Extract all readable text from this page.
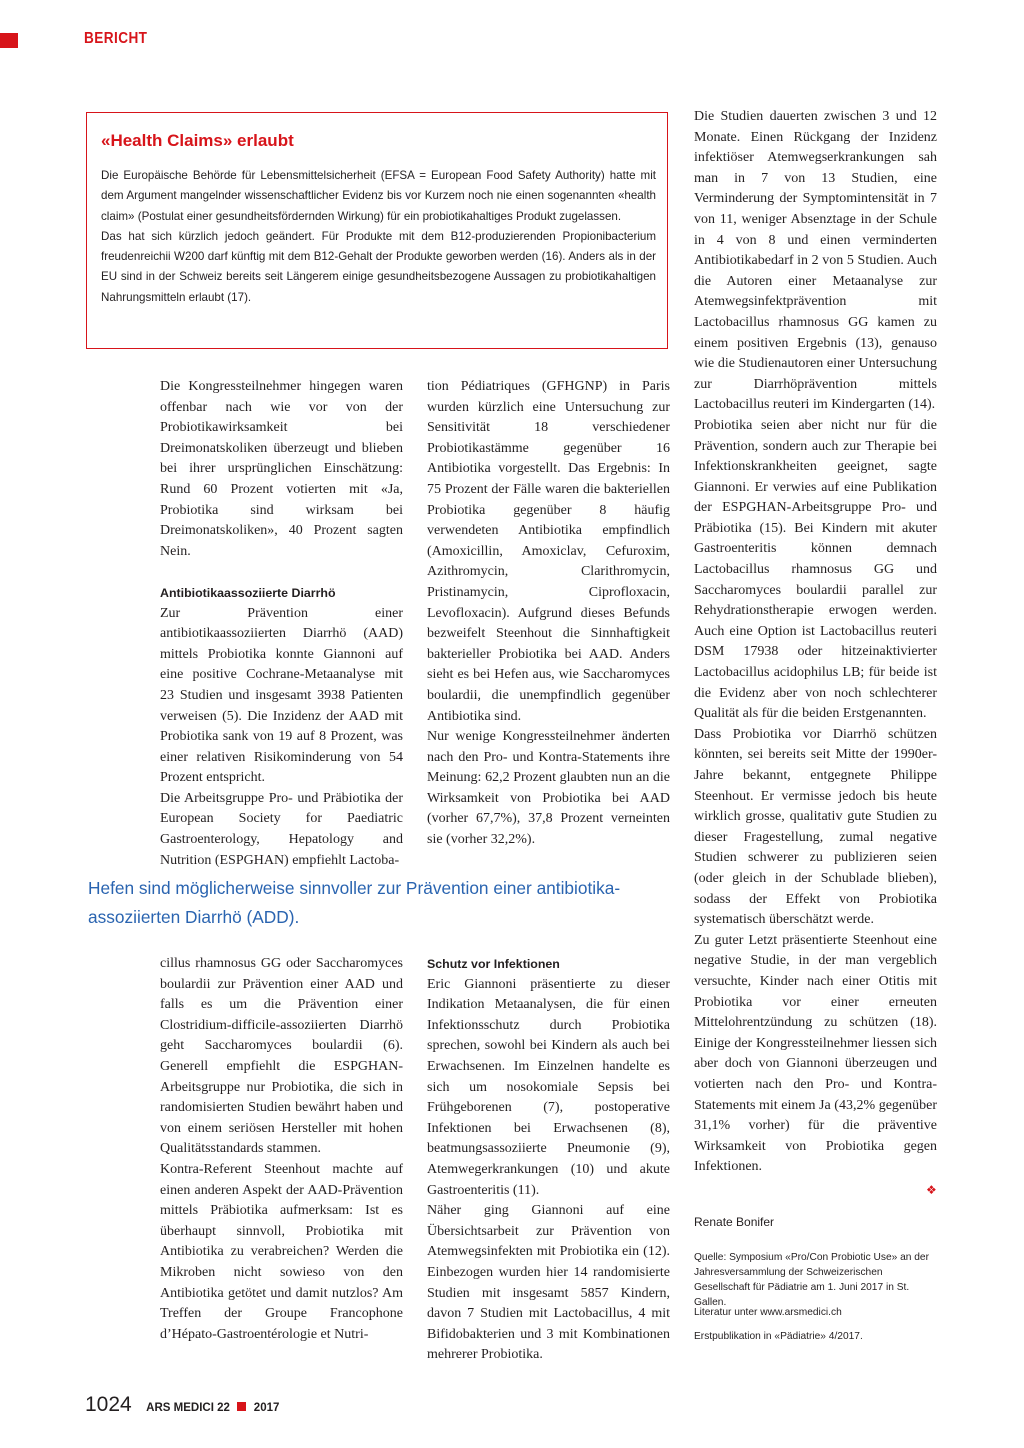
BERICHT
«Health Claims» erlaubt

Die Europäische Behörde für Lebensmittelsicherheit (EFSA = European Food Safety Authority) hatte mit dem Argument mangelnder wissenschaftlicher Evidenz bis vor Kurzem noch nie einen sogenannten «health claim» (Postulat einer gesundheitsfördernden Wirkung) für ein probiotikahaltiges Produkt zugelassen.

Das hat sich kürzlich jedoch geändert. Für Produkte mit dem B12-produzierenden Propionibacterium freudenreichii W200 darf künftig mit dem B12-Gehalt der Produkte geworben werden (16). Anders als in der EU sind in der Schweiz bereits seit Längerem einige gesundheitsbezogene Aussagen zu probiotikahaltigen Nahrungsmitteln erlaubt (17).

Die Kongressteilnehmer hingegen waren offenbar nach wie vor von der Probiotikawirksamkeit bei Dreimonatskoliken überzeugt und blieben bei ihrer ursprünglichen Einschätzung: Rund 60 Prozent votierten mit «Ja, Probiotika sind wirksam bei Dreimonatskoliken», 40 Prozent sagten Nein.

Antibiotikaassoziierte Diarrhö

Zur Prävention einer antibiotikaassoziierten Diarrhö (AAD) mittels Probiotika konnte Giannoni auf eine positive Cochrane-Metaanalyse mit 23 Studien und insgesamt 3938 Patienten verweisen (5). Die Inzidenz der AAD mit Probiotika sank von 19 auf 8 Prozent, was einer relativen Risikominderung von 54 Prozent entspricht.

Die Arbeitsgruppe Pro- und Präbiotika der European Society for Paediatric Gastroenterology, Hepatology and Nutrition (ESPGHAN) empfiehlt Lactoba-

tion Pédiatriques (GFHGNP) in Paris wurden kürzlich eine Untersuchung zur Sensitivität 18 verschiedener Probiotikastämme gegenüber 16 Antibiotika vorgestellt. Das Ergebnis: In 75 Prozent der Fälle waren die bakteriellen Probiotika gegenüber 8 häufig verwendeten Antibiotika empfindlich (Amoxicillin, Amoxiclav, Cefuroxim, Azithromycin, Clarithromycin, Pristinamycin, Ciprofloxacin, Levofloxacin). Aufgrund dieses Befunds bezweifelt Steenhout die Sinnhaftigkeit bakterieller Probiotika bei AAD. Anders sieht es bei Hefen aus, wie Saccharomyces boulardii, die unempfindlich gegenüber Antibiotika sind.

Nur wenige Kongressteilnehmer änderten nach den Pro- und Kontra-Statements ihre Meinung: 62,2 Prozent glaubten nun an die Wirksamkeit von Probiotika bei AAD (vorher 67,7%), 37,8 Prozent verneinten sie (vorher 32,2%).

Hefen sind möglicherweise sinnvoller zur Prävention einer antibiotika-assoziierten Diarrhö (ADD).

cillus rhamnosus GG oder Saccharomyces boulardii zur Prävention einer AAD und falls es um die Prävention einer Clostridium-difficile-assoziierten Diarrhö geht Saccharomyces boulardii (6). Generell empfiehlt die ESPGHAN-Arbeitsgruppe nur Probiotika, die sich in randomisierten Studien bewährt haben und von einem seriösen Hersteller mit hohen Qualitätsstandards stammen.

Kontra-Referent Steenhout machte auf einen anderen Aspekt der AAD-Prävention mittels Präbiotika aufmerksam: Ist es überhaupt sinnvoll, Probiotika mit Antibiotika zu verabreichen? Werden die Mikroben nicht sowieso von den Antibiotika getötet und damit nutzlos? Am Treffen der Groupe Francophone d’Hépato-Gastroentérologie et Nutri-

Schutz vor Infektionen

Eric Giannoni präsentierte zu dieser Indikation Metaanalysen, die für einen Infektionsschutz durch Probiotika sprechen, sowohl bei Kindern als auch bei Erwachsenen. Im Einzelnen handelte es sich um nosokomiale Sepsis bei Frühgeborenen (7), postoperative Infektionen bei Erwachsenen (8), beatmungsassoziierte Pneumonie (9), Atemwegerkrankungen (10) und akute Gastroenteritis (11).

Näher ging Giannoni auf eine Übersichtsarbeit zur Prävention von Atemwegsinfekten mit Probiotika ein (12). Einbezogen wurden hier 14 randomisierte Studien mit insgesamt 5857 Kindern, davon 7 Studien mit Lactobacillus, 4 mit Bifidobakterien und 3 mit Kombinationen mehrerer Probiotika.

Die Studien dauerten zwischen 3 und 12 Monate. Einen Rückgang der Inzidenz infektiöser Atemwegserkrankungen sah man in 7 von 13 Studien, eine Verminderung der Symptomintensität in 7 von 11, weniger Absenztage in der Schule in 4 von 8 und einen verminderten Antibiotikabedarf in 2 von 5 Studien. Auch die Autoren einer Metaanalyse zur Atemwegsinfektprävention mit Lactobacillus rhamnosus GG kamen zu einem positiven Ergebnis (13), genauso wie die Studienautoren einer Untersuchung zur Diarrhöprävention mittels Lactobacillus reuteri im Kindergarten (14).

Probiotika seien aber nicht nur für die Prävention, sondern auch zur Therapie bei Infektionskrankheiten geeignet, sagte Giannoni. Er verwies auf eine Publikation der ESPGHAN-Arbeitsgruppe Pro- und Präbiotika (15). Bei Kindern mit akuter Gastroenteritis können demnach Lactobacillus rhamnosus GG und Saccharomyces boulardii parallel zur Rehydrationstherapie erwogen werden. Auch eine Option ist Lactobacillus reuteri DSM 17938 oder hitzeinaktivierter Lactobacillus acidophilus LB; für beide ist die Evidenz aber von noch schlechterer Qualität als für die beiden Erstgenannten.

Dass Probiotika vor Diarrhö schützen könnten, sei bereits seit Mitte der 1990er-Jahre bekannt, entgegnete Philippe Steenhout. Er vermisse jedoch bis heute wirklich grosse, qualitativ gute Studien zu dieser Fragestellung, zumal negative Studien schwerer zu publizieren seien (oder gleich in der Schublade blieben), sodass der Effekt von Probiotika systematisch überschätzt werde.

Zu guter Letzt präsentierte Steenhout eine negative Studie, in der man vergeblich versuchte, Kinder nach einer Otitis mit Probiotika vor einer erneuten Mittelohrentzündung zu schützen (18). Einige der Kongressteilnehmer liessen sich aber doch von Giannoni überzeugen und votierten nach den Pro- und Kontra-Statements mit einem Ja (43,2% gegenüber 31,1% vorher) für die präventive Wirksamkeit von Probiotika gegen Infektionen.

❖
Renate Bonifer
Quelle: Symposium «Pro/Con Probiotic Use» an der Jahresversammlung der Schweizerischen Gesellschaft für Pädiatrie am 1. Juni 2017 in St. Gallen.
Literatur unter www.arsmedici.ch
Erstpublikation in «Pädiatrie» 4/2017.
1024 ARS MEDICI 22 2017
